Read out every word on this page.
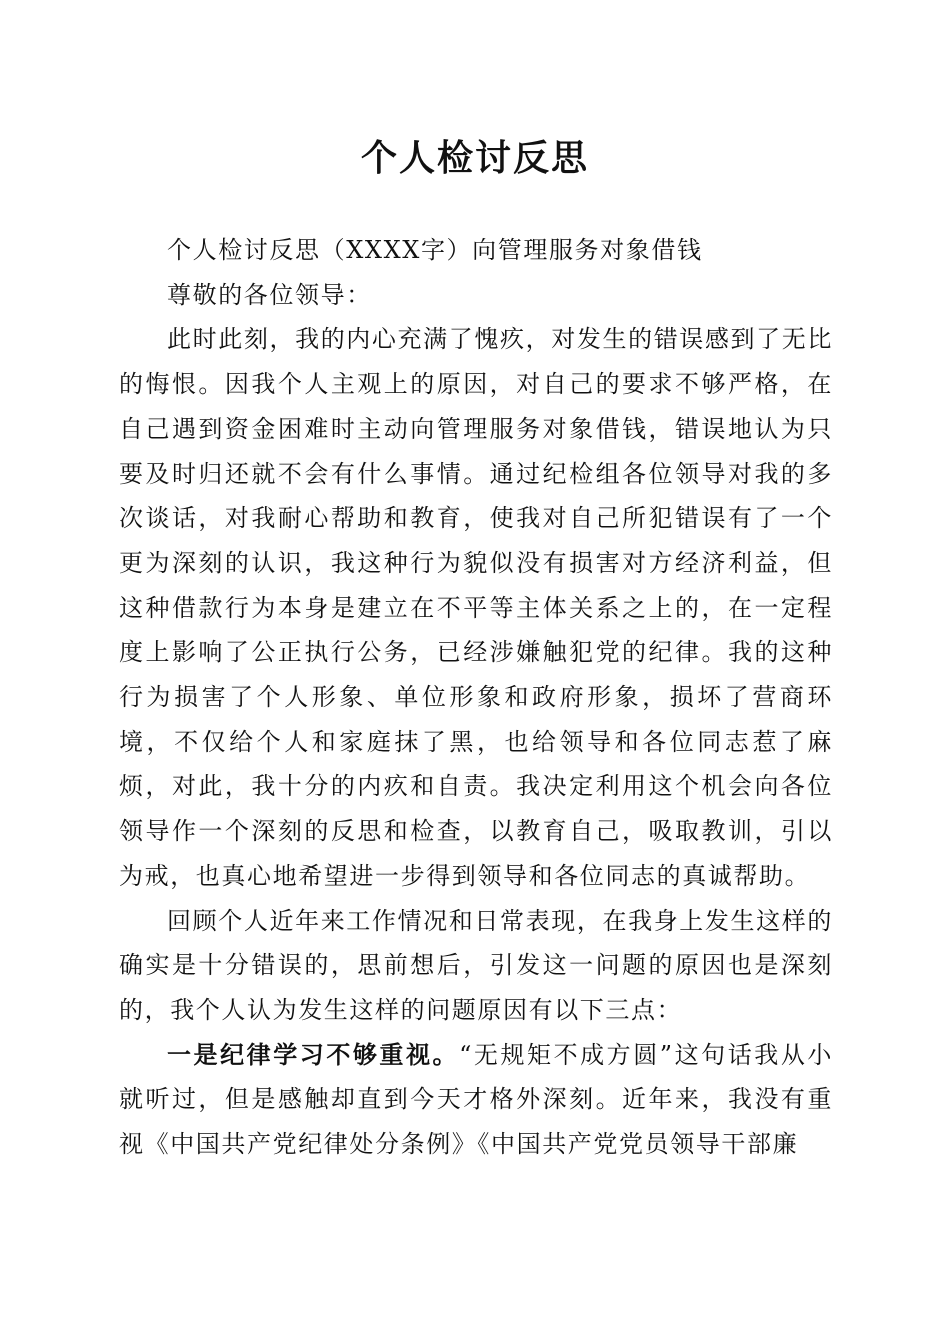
个人检讨反思

个人检讨反思（XXXX字）向管理服务对象借钱

尊敬的各位领导：

此时此刻，我的内心充满了愧疚，对发生的错误感到了无比的悔恨。因我个人主观上的原因，对自己的要求不够严格，在自己遇到资金困难时主动向管理服务对象借钱，错误地认为只要及时归还就不会有什么事情。通过纪检组各位领导对我的多次谈话，对我耐心帮助和教育，使我对自己所犯错误有了一个更为深刻的认识，我这种行为貌似没有损害对方经济利益，但这种借款行为本身是建立在不平等主体关系之上的，在一定程度上影响了公正执行公务，已经涉嫌触犯党的纪律。我的这种行为损害了个人形象、单位形象和政府形象，损坏了营商环境，不仅给个人和家庭抹了黑，也给领导和各位同志惹了麻烦，对此，我十分的内疚和自责。我决定利用这个机会向各位领导作一个深刻的反思和检查，以教育自己，吸取教训，引以为戒，也真心地希望进一步得到领导和各位同志的真诚帮助。

回顾个人近年来工作情况和日常表现，在我身上发生这样的确实是十分错误的，思前想后，引发这一问题的原因也是深刻的，我个人认为发生这样的问题原因有以下三点：

一是纪律学习不够重视。“无规矩不成方圆”这句话我从小就听过，但是感触却直到今天才格外深刻。近年来，我没有重视《中国共产党纪律处分条例》《中国共产党党员领导干部廉
